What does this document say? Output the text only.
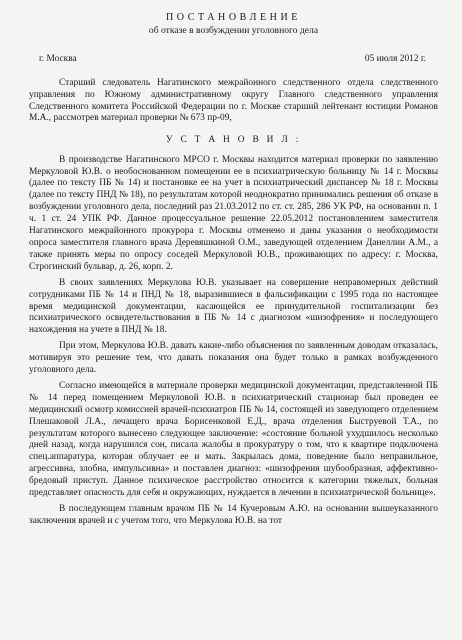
ПОСТАНОВЛЕНИЕ
об отказе в возбуждении уголовного дела
г. Москва	05 июля 2012 г.

Старший следователь Нагатинского межрайонного следственного отдела следственного управления по Южному административному округу Главного следственного управления Следственного комитета Российской Федерации по г. Москве старший лейтенант юстиции Романов М.А., рассмотрев материал проверки № 673 пр-09,

У С Т А Н О В И Л :

В производстве Нагатинского МРСО г. Москвы находится материал проверки по заявлению Меркуловой Ю.В. о необоснованном помещении ее в психиатрическую больницу № 14 г. Москвы (далее по тексту ПБ № 14) и постановке ее на учет в психиатрический диспансер № 18 г. Москвы (далее по тексту ПНД № 18), по результатам которой неоднократно принимались решения об отказе в возбуждении уголовного дела, последний раз 21.03.2012 по ст. ст. 285, 286 УК РФ, на основании п. 1 ч. 1 ст. 24 УПК РФ. Данное процессуальное решение 22.05.2012 постановлением заместителя Нагатинского межрайонного прокурора г. Москвы отменено и даны указания о необходимости опроса заместителя главного врача Деревяшкиной О.М., заведующей отделением Данеллии А.М., а также принять меры по опросу соседей Меркуловой Ю.В., проживающих по адресу: г. Москва, Строгинский бульвар, д. 26, корп. 2.

В своих заявлениях Меркулова Ю.В. указывает на совершение неправомерных действий сотрудниками ПБ № 14 и ПНД № 18, выразившиеся в фальсификации с 1995 года по настоящее время медицинской документации, касающейся ее принудительной госпитализации без психиатрического освидетельствования в ПБ № 14 с диагнозом «шизофрения» и последующего нахождения на учете в ПНД № 18.

При этом, Меркулова Ю.В. давать какие-либо объяснения по заявленным доводам отказалась, мотивируя это решение тем, что давать показания она будет только в рамках возбужденного уголовного дела.

Согласно имеющейся в материале проверки медицинской документации, представленной ПБ № 14 перед помещением Меркуловой Ю.В. в психиатрический стационар был проведен ее медицинский осмотр комиссией врачей-психиатров ПБ № 14, состоящей из заведующего отделением Плешаковой Л.А., лечащего врача Борисенковой Е.Д., врача отделения Быструевой Т.А., по результатам которого вынесено следующее заключение: «состояние больной ухудшилось несколько дней назад, когда нарушился сон, писала жалобы в прокуратуру о том, что к квартире подключена спец.аппаратура, которая облучает ее и мать. Закрылась дома, поведение было неправильное, агрессивна, злобна, импульсивна» и поставлен диагноз: «шизофрения шубообразная, аффективно-бредовый приступ. Данное психическое расстройство относится к категории тяжелых, больная представляет опасность для себя и окружающих, нуждается в лечении в психиатрической больнице».

В последующем главным врачом ПБ № 14 Кучеровым А.Ю. на основании вышеуказанного заключения врачей и с учетом того, что Меркулова Ю.В. на тот
